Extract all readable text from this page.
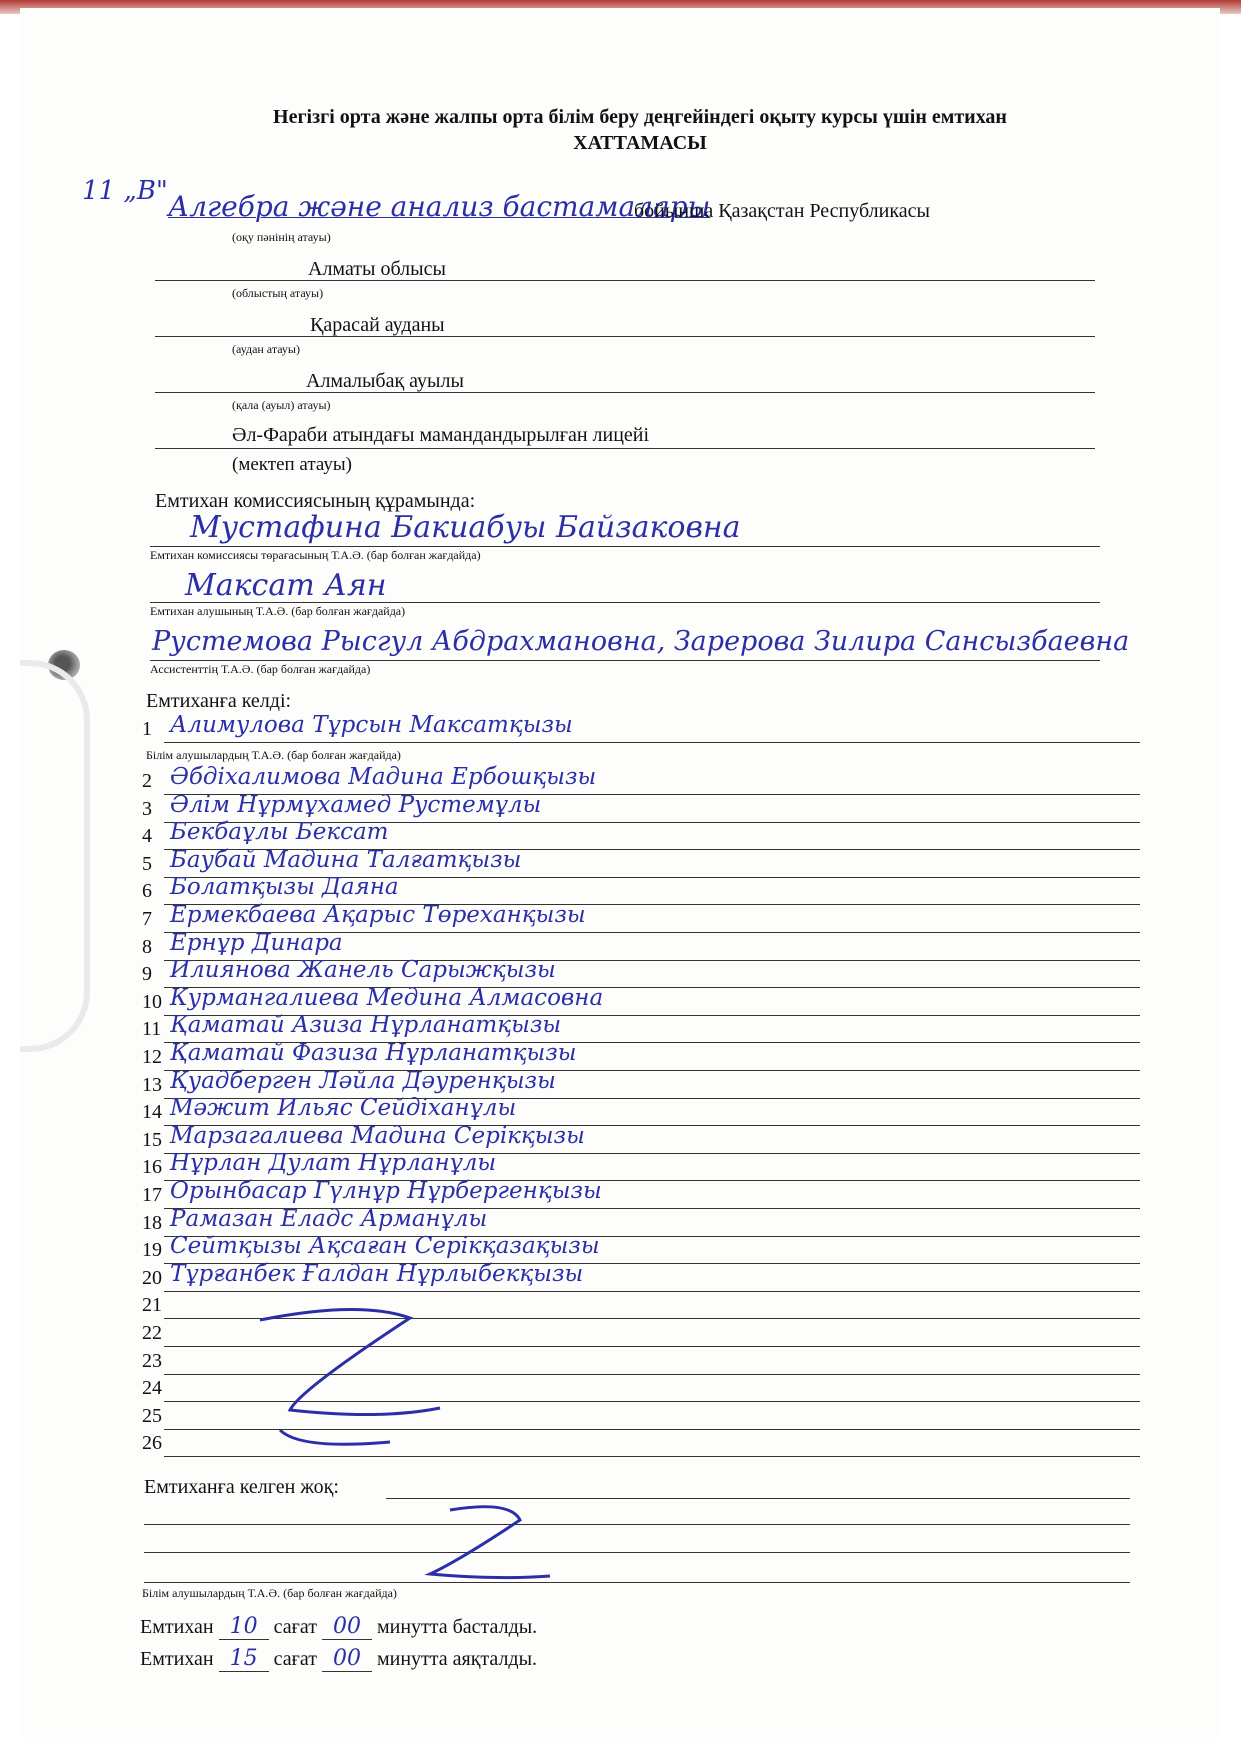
Негізгі орта және жалпы орта білім беру деңгейіндегі оқыту курсы үшін емтихан
ХАТТАМАСЫ
11 „В" Алгебра және анализ бастамалары
бойынша Қазақстан Республикасы
(оқу пәнінің атауы)
Алматы облысы
(облыстың атауы)
Қарасай ауданы
(аудан атауы)
Алмалыбақ ауылы
(қала (ауыл) атауы)
Әл-Фараби атындағы мамандандырылған лицейі
(мектеп атауы)
Емтихан комиссиясының құрамында:
Мустафина Бакиабуы Байзаковна
Емтихан комиссиясы төрағасының Т.А.Ә. (бар болған жағдайда)
Максат Аян
Емтихан алушының Т.А.Ә. (бар болған жағдайда)
Рустемова Рысгул Абдрахмановна, Зарерова Зилира Сансызбаевна
Ассистенттің Т.А.Ә. (бар болған жағдайда)
Емтиханға келді:
1 Алимулова Тұрсын Максатқызы
2 Әбдіхалимова Мадина Ербошқызы
3 Әлім Нұрмұхамед Рустемұлы
4 Бекбаұлы Бексат
5 Баубай Мадина Талғатқызы
6 Болатқызы Даяна
7 Ермекбаева Ақарыс Төреханқызы
8 Ернұр Динара
9 Илиянова Жанель Сарыжқызы
10 Курмангалиева Медина Алмасовна
11 Қаматай Азиза Нұрланатқызы
12 Қаматай Фазиза Нұрланатқызы
13 Қуадберген Ләйла Дәуренқызы
14 Мәжит Ильяс Сейдіханұлы
15 Марзагалиева Мадина Серікқызы
16 Нұрлан Дулат Нұрланұлы
17 Орынбасар Гүлнұр Нұрбергенқызы
18 Рамазан Еладс Арманұлы
19 Сейтқызы Ақсаған Серікқазақызы
20 Тұрғанбек Ғалдан Нұрлыбекқызы
21
22
23
24
25
26
Білім алушылардың Т.А.Ә. (бар болған жағдайда)
Емтиханға келген жоқ:
Білім алушылардың Т.А.Ә. (бар болған жағдайда)
Емтихан 10 сағат 00 минутта басталды.
Емтихан 15 сағат 00 минутта аяқталды.
